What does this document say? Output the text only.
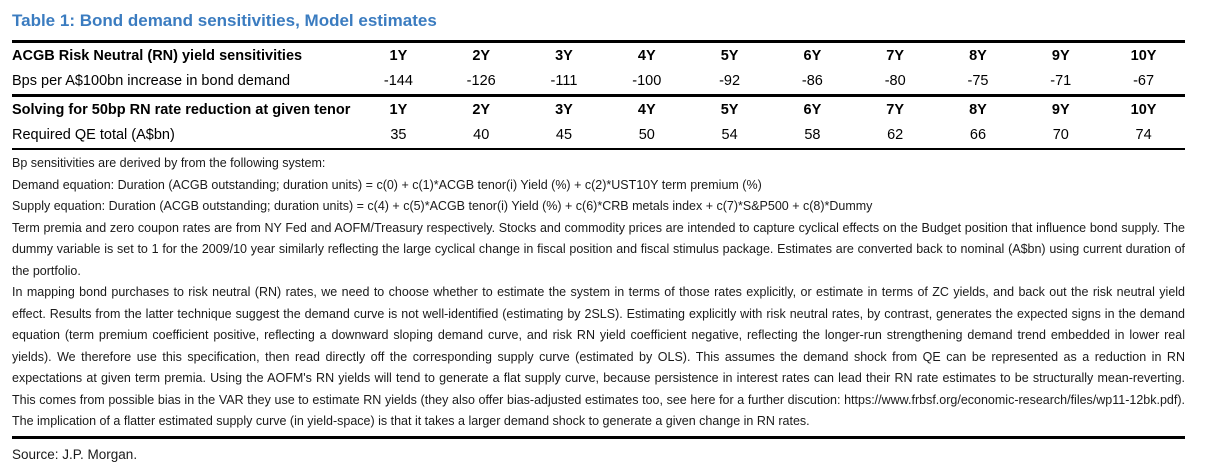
Table 1: Bond demand sensitivities, Model estimates
ACGB Risk Neutral (RN) yield sensitivities	1Y	2Y	3Y	4Y	5Y	6Y	7Y	8Y	9Y	10Y
Bps per A$100bn increase in bond demand	-144	-126	-111	-100	-92	-86	-80	-75	-71	-67
Solving for 50bp RN rate reduction at given tenor	1Y	2Y	3Y	4Y	5Y	6Y	7Y	8Y	9Y	10Y
Required QE total (A$bn)	35	40	45	50	54	58	62	66	70	74

Bp sensitivities are derived by from the following system:

Demand equation: Duration (ACGB outstanding; duration units) = c(0) + c(1)*ACGB tenor(i) Yield (%) + c(2)*UST10Y term premium (%)

Supply equation: Duration (ACGB outstanding; duration units) = c(4) + c(5)*ACGB tenor(i) Yield (%) + c(6)*CRB metals index + c(7)*S&P500 + c(8)*Dummy

Term premia and zero coupon rates are from NY Fed and AOFM/Treasury respectively. Stocks and commodity prices are intended to capture cyclical effects on the Budget position that influence bond supply. The dummy variable is set to 1 for the 2009/10 year similarly reflecting the large cyclical change in fiscal position and fiscal stimulus package. Estimates are converted back to nominal (A$bn) using current duration of the portfolio.

In mapping bond purchases to risk neutral (RN) rates, we need to choose whether to estimate the system in terms of those rates explicitly, or estimate in terms of ZC yields, and back out the risk neutral yield effect. Results from the latter technique suggest the demand curve is not well-identified (estimating by 2SLS). Estimating explicitly with risk neutral rates, by contrast, generates the expected signs in the demand equation (term premium coefficient positive, reflecting a downward sloping demand curve, and risk RN yield coefficient negative, reflecting the longer-run strengthening demand trend embedded in lower real yields). We therefore use this specification, then read directly off the corresponding supply curve (estimated by OLS). This assumes the demand shock from QE can be represented as a reduction in RN expectations at given term premia. Using the AOFM's RN yields will tend to generate a flat supply curve, because persistence in interest rates can lead their RN rate estimates to be structurally mean-reverting. This comes from possible bias in the VAR they use to estimate RN yields (they also offer bias-adjusted estimates too, see here for a further discution: https://www.frbsf.org/economic-research/files/wp11-12bk.pdf). The implication of a flatter estimated supply curve (in yield-space) is that it takes a larger demand shock to generate a given change in RN rates.

Source: J.P. Morgan.
